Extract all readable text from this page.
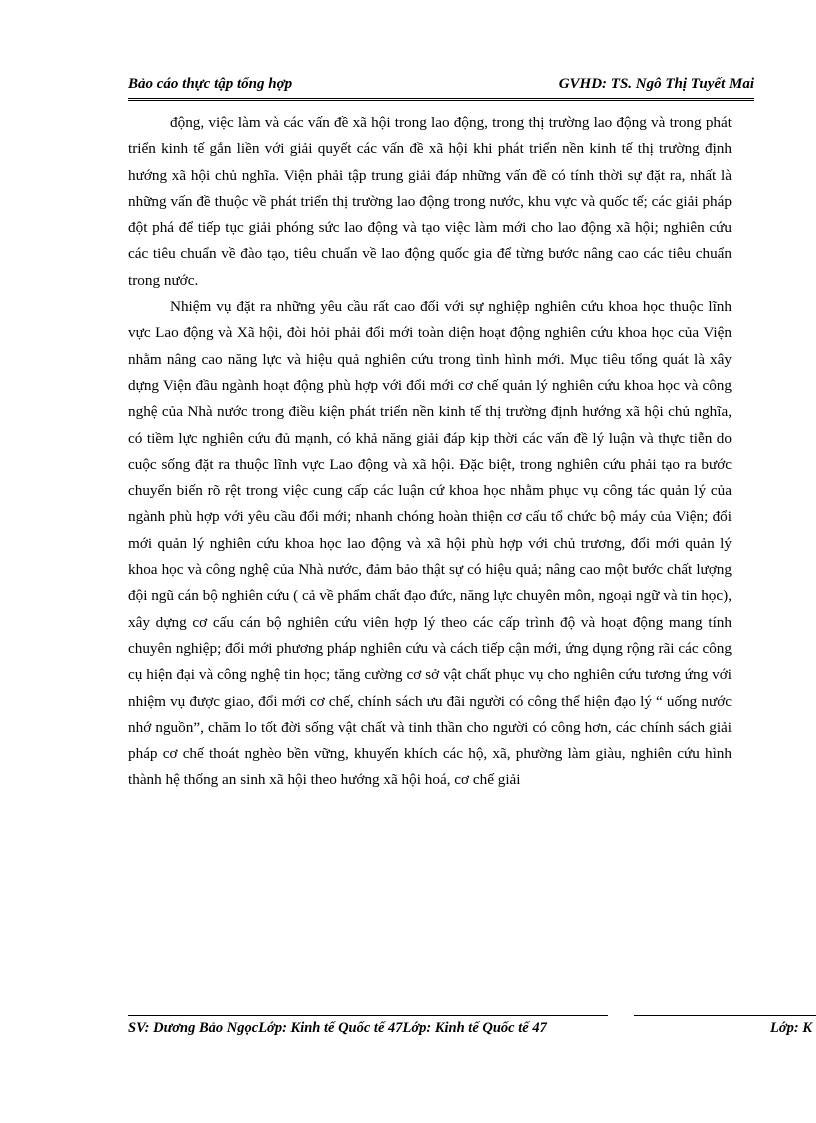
Bảo cáo thực tập tổng hợp	GVHD: TS. Ngô Thị Tuyết Mai

động, việc làm và các vấn đề xã hội trong lao động, trong thị trường lao động và trong phát triển kinh tế gắn liền với giải quyết các vấn đề xã hội khi phát triển nền kinh tế thị trường định hướng xã hội chủ nghĩa. Viện phải tập trung giải đáp những vấn đề có tính thời sự đặt ra, nhất là những vấn đề thuộc về phát triển thị trường lao động trong nước, khu vực và quốc tế; các giải pháp đột phá để tiếp tục giải phóng sức lao động và tạo việc làm mới cho lao động xã hội; nghiên cứu các tiêu chuẩn về đào tạo, tiêu chuẩn về lao động quốc gia để từng bước nâng cao các tiêu chuẩn trong nước.

Nhiệm vụ đặt ra những yêu cầu rất cao đối với sự nghiệp nghiên cứu khoa học thuộc lĩnh vực Lao động và Xã hội, đòi hỏi phải đổi mới toàn diện hoạt động nghiên cứu khoa học của Viện nhằm nâng cao năng lực và hiệu quả nghiên cứu trong tình hình mới. Mục tiêu tổng quát là xây dựng Viện đầu ngành hoạt động phù hợp với đổi mới cơ chế quản lý nghiên cứu khoa học và công nghệ của Nhà nước trong điều kiện phát triển nền kinh tế thị trường định hướng xã hội chủ nghĩa, có tiềm lực nghiên cứu đủ mạnh, có khả năng giải đáp kịp thời các vấn đề lý luận và thực tiễn do cuộc sống đặt ra thuộc lĩnh vực Lao động và xã hội. Đặc biệt, trong nghiên cứu phải tạo ra bước chuyển biến rõ rệt trong việc cung cấp các luận cứ khoa học nhằm phục vụ công tác quản lý của ngành phù hợp với yêu cầu đổi mới; nhanh chóng hoàn thiện cơ cấu tổ chức bộ máy của Viện; đổi mới quản lý nghiên cứu khoa học lao động và xã hội phù hợp với chủ trương, đổi mới quản lý khoa học và công nghệ của Nhà nước, đảm bảo thật sự có hiệu quả; nâng cao một bước chất lượng đội ngũ cán bộ nghiên cứu ( cả về phẩm chất đạo đức, năng lực chuyên môn, ngoại ngữ và tin học), xây dựng cơ cấu cán bộ nghiên cứu viên hợp lý theo các cấp trình độ và hoạt động mang tính chuyên nghiệp; đổi mới phương pháp nghiên cứu và cách tiếp cận mới, ứng dụng rộng rãi các công cụ hiện đại và công nghệ tin học; tăng cường cơ sở vật chất phục vụ cho nghiên cứu tương ứng với nhiệm vụ được giao, đổi mới cơ chế, chính sách ưu đãi người có công thể hiện đạo lý “ uống nước nhớ nguồn”, chăm lo tốt đời sống vật chất và tinh thần cho người có công hơn, các chính sách giải pháp cơ chế thoát nghèo bền vững, khuyến khích các hộ, xã, phường làm giàu, nghiên cứu hình thành hệ thống an sinh xã hội theo hướng xã hội hoá, cơ chế giải

SV: Dương Bảo NgọcLớp: Kinh tế Quốc tế 47Lớp: Kinh tế Quốc tế 47	Lớp: K
